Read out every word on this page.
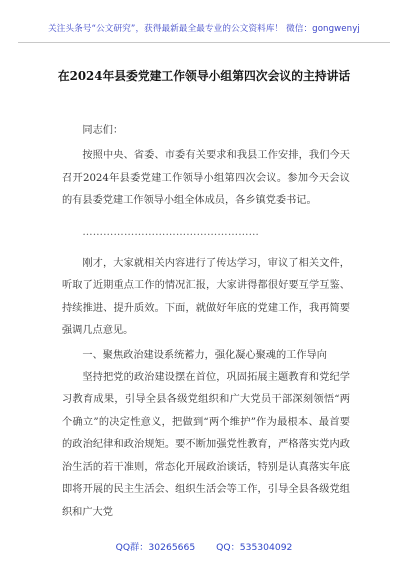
关注头条号“公文研究”，获得最新最全最专业的公文资料库！ 微信：gongwenyj
在2024年县委党建工作领导小组第四次会议的主持讲话

同志们：

按照中央、省委、市委有关要求和我县工作安排，我们今天召开2024年县委党建工作领导小组第四次会议。参加今天会议的有县委党建工作领导小组全体成员，各乡镇党委书记。

……………………………………………

刚才，大家就相关内容进行了传达学习，审议了相关文件，听取了近期重点工作的情况汇报，大家讲得都很好要互学互鉴、持续推进、提升质效。下面，就做好年底的党建工作，我再简要强调几点意见。

一、聚焦政治建设系统蓄力，强化凝心聚魂的工作导向

坚持把党的政治建设摆在首位，巩固拓展主题教育和党纪学习教育成果，引导全县各级党组织和广大党员干部深刻领悟“两个确立”的决定性意义，把做到“两个维护”作为最根本、最首要的政治纪律和政治规矩。要不断加强党性教育，严格落实党内政治生活的若干准则，常态化开展政治谈话，特别是认真落实年底即将开展的民主生活会、组织生活会等工作，引导全县各级党组织和广大党

QQ群：30265665 QQ：535304092
